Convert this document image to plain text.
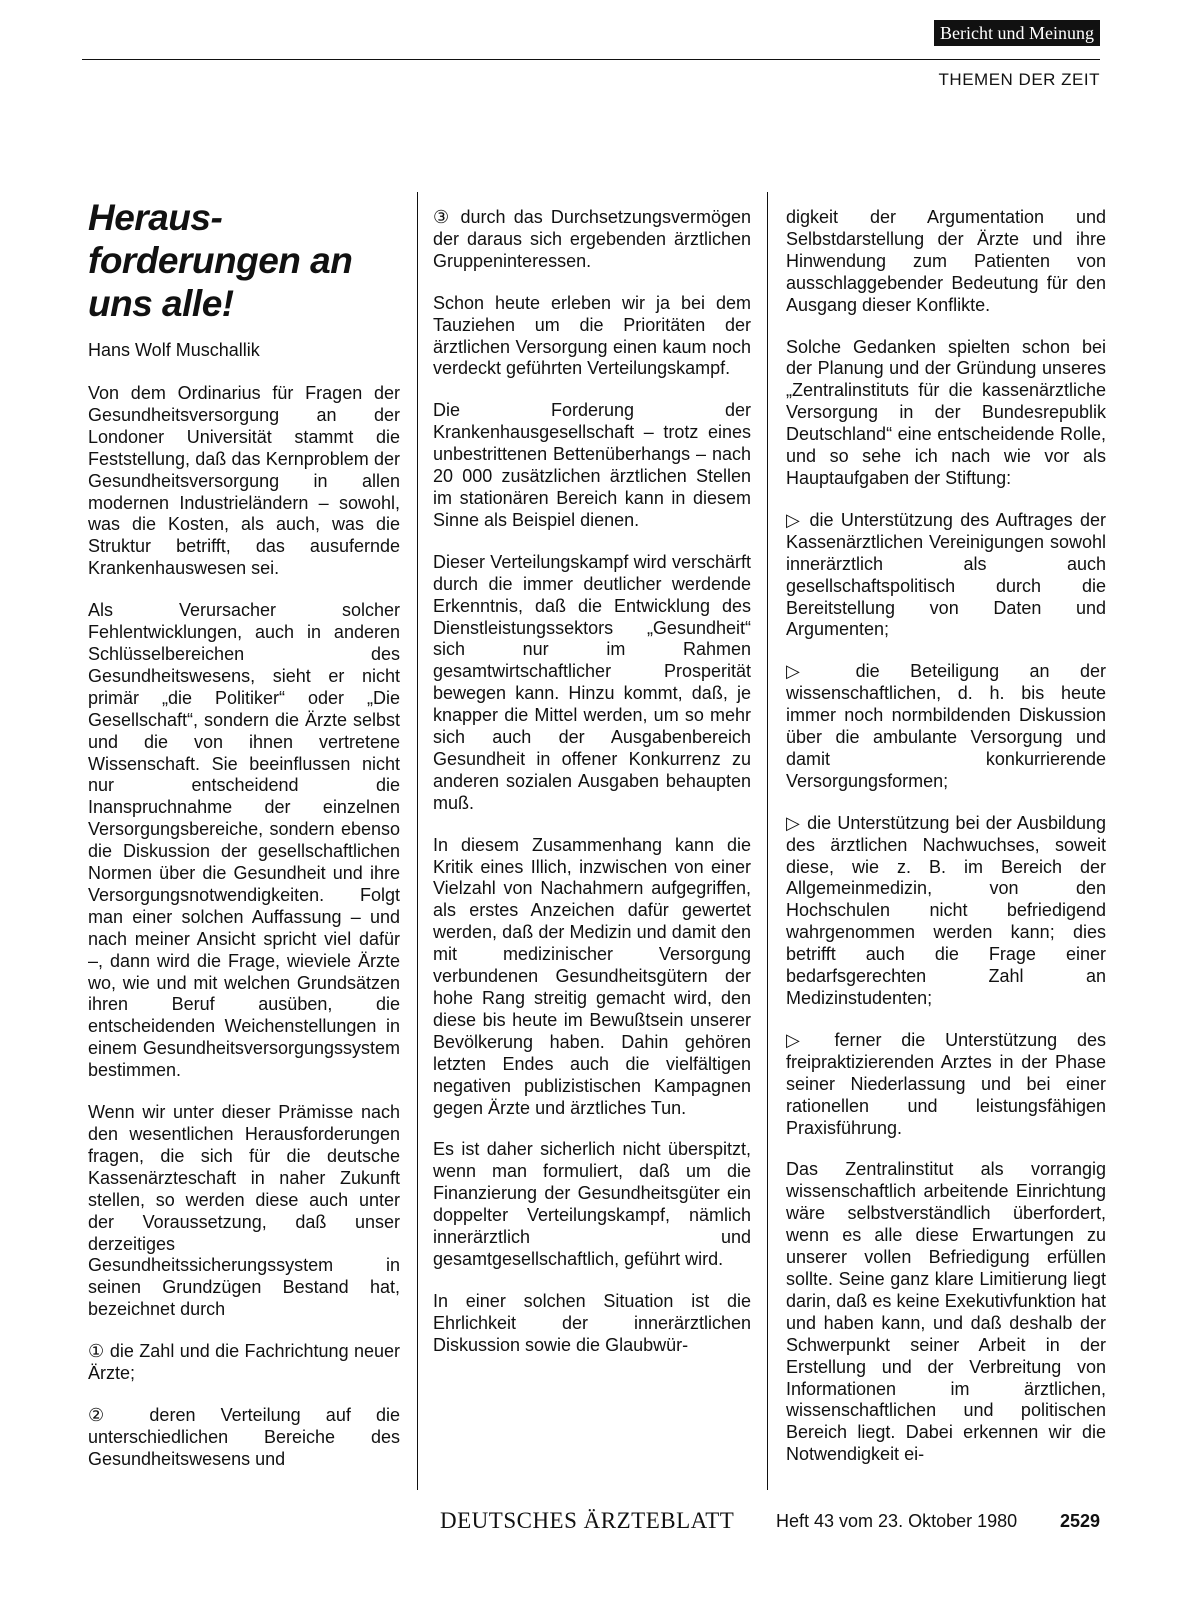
Bericht und Meinung
THEMEN DER ZEIT
Heraus- forderungen an uns alle!
Hans Wolf Muschallik

Von dem Ordinarius für Fragen der Gesundheitsversorgung an der Londoner Universität stammt die Feststellung, daß das Kernproblem der Gesundheitsversorgung in allen modernen Industrieländern – sowohl, was die Kosten, als auch, was die Struktur betrifft, das ausufernde Krankenhauswesen sei.

Als Verursacher solcher Fehlentwicklungen, auch in anderen Schlüsselbereichen des Gesundheitswesens, sieht er nicht primär „die Politiker“ oder „Die Gesellschaft“, sondern die Ärzte selbst und die von ihnen vertretene Wissenschaft. Sie beeinflussen nicht nur entscheidend die Inanspruchnahme der einzelnen Versorgungsbereiche, sondern ebenso die Diskussion der gesellschaftlichen Normen über die Gesundheit und ihre Versorgungsnotwendigkeiten. Folgt man einer solchen Auffassung – und nach meiner Ansicht spricht viel dafür –, dann wird die Frage, wieviele Ärzte wo, wie und mit welchen Grundsätzen ihren Beruf ausüben, die entscheidenden Weichenstellungen in einem Gesundheitsversorgungssystem bestimmen.

Wenn wir unter dieser Prämisse nach den wesentlichen Herausforderungen fragen, die sich für die deutsche Kassenärzteschaft in naher Zukunft stellen, so werden diese auch unter der Voraussetzung, daß unser derzeitiges Gesundheitssicherungssystem in seinen Grundzügen Bestand hat, bezeichnet durch

① die Zahl und die Fachrichtung neuer Ärzte;

② deren Verteilung auf die unterschiedlichen Bereiche des Gesundheitswesens und

③ durch das Durchsetzungsvermögen der daraus sich ergebenden ärztlichen Gruppeninteressen.

Schon heute erleben wir ja bei dem Tauziehen um die Prioritäten der ärztlichen Versorgung einen kaum noch verdeckt geführten Verteilungskampf.

Die Forderung der Krankenhausgesellschaft – trotz eines unbestrittenen Bettenüberhangs – nach 20 000 zusätzlichen ärztlichen Stellen im stationären Bereich kann in diesem Sinne als Beispiel dienen.

Dieser Verteilungskampf wird verschärft durch die immer deutlicher werdende Erkenntnis, daß die Entwicklung des Dienstleistungssektors „Gesundheit“ sich nur im Rahmen gesamtwirtschaftlicher Prosperität bewegen kann. Hinzu kommt, daß, je knapper die Mittel werden, um so mehr sich auch der Ausgabenbereich Gesundheit in offener Konkurrenz zu anderen sozialen Ausgaben behaupten muß.

In diesem Zusammenhang kann die Kritik eines Illich, inzwischen von einer Vielzahl von Nachahmern aufgegriffen, als erstes Anzeichen dafür gewertet werden, daß der Medizin und damit den mit medizinischer Versorgung verbundenen Gesundheitsgütern der hohe Rang streitig gemacht wird, den diese bis heute im Bewußtsein unserer Bevölkerung haben. Dahin gehören letzten Endes auch die vielfältigen negativen publizistischen Kampagnen gegen Ärzte und ärztliches Tun.

Es ist daher sicherlich nicht überspitzt, wenn man formuliert, daß um die Finanzierung der Gesundheitsgüter ein doppelter Verteilungskampf, nämlich innerärztlich und gesamtgesellschaftlich, geführt wird.

In einer solchen Situation ist die Ehrlichkeit der innerärztlichen Diskussion sowie die Glaubwür-

digkeit der Argumentation und Selbstdarstellung der Ärzte und ihre Hinwendung zum Patienten von ausschlaggebender Bedeutung für den Ausgang dieser Konflikte.

Solche Gedanken spielten schon bei der Planung und der Gründung unseres „Zentralinstituts für die kassenärztliche Versorgung in der Bundesrepublik Deutschland“ eine entscheidende Rolle, und so sehe ich nach wie vor als Hauptaufgaben der Stiftung:

▷ die Unterstützung des Auftrages der Kassenärztlichen Vereinigungen sowohl innerärztlich als auch gesellschaftspolitisch durch die Bereitstellung von Daten und Argumenten;

▷ die Beteiligung an der wissenschaftlichen, d. h. bis heute immer noch normbildenden Diskussion über die ambulante Versorgung und damit konkurrierende Versorgungsformen;

▷ die Unterstützung bei der Ausbildung des ärztlichen Nachwuchses, soweit diese, wie z. B. im Bereich der Allgemeinmedizin, von den Hochschulen nicht befriedigend wahrgenommen werden kann; dies betrifft auch die Frage einer bedarfsgerechten Zahl an Medizinstudenten;

▷ ferner die Unterstützung des freipraktizierenden Arztes in der Phase seiner Niederlassung und bei einer rationellen und leistungsfähigen Praxisführung.

Das Zentralinstitut als vorrangig wissenschaftlich arbeitende Einrichtung wäre selbstverständlich überfordert, wenn es alle diese Erwartungen zu unserer vollen Befriedigung erfüllen sollte. Seine ganz klare Limitierung liegt darin, daß es keine Exekutivfunktion hat und haben kann, und daß deshalb der Schwerpunkt seiner Arbeit in der Erstellung und der Verbreitung von Informationen im ärztlichen, wissenschaftlichen und politischen Bereich liegt. Dabei erkennen wir die Notwendigkeit ei-

DEUTSCHES ÄRZTEBLATT Heft 43 vom 23. Oktober 1980 2529
